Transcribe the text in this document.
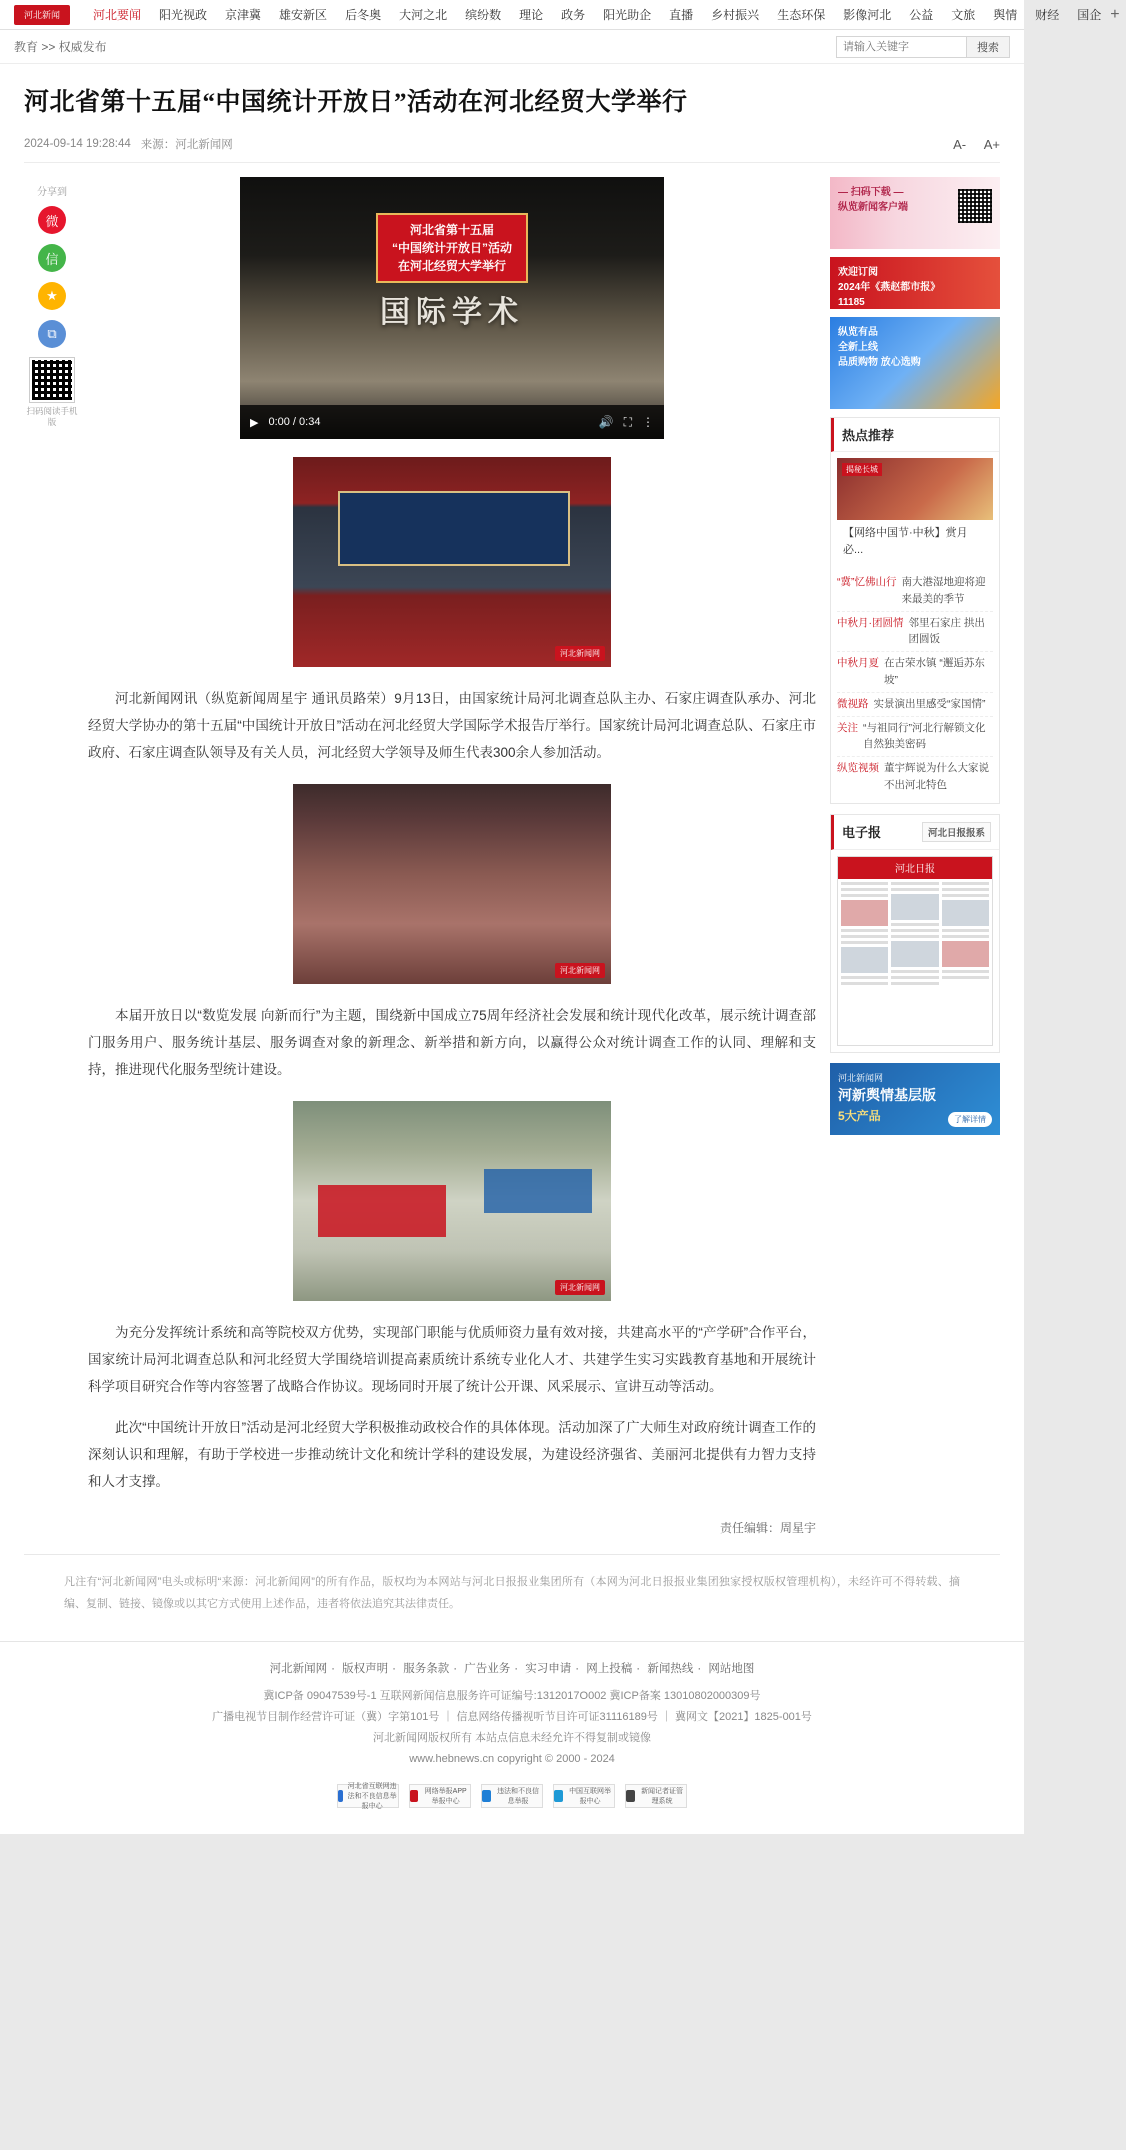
河北新闻	河北要闻	阳光视政	京津冀	雄安新区	后冬奥	大河之北	缤纷数	理论	政务	阳光助企	直播	乡村振兴	生态环保	影像河北	公益	文旅	舆情	财经	国企 +
教育 >> 权威发布
请输入关键字	搜索
河北省第十五届“中国统计开放日”活动在河北经贸大学举行
2024-09-14 19:28:44 来源：河北新闻网	A- A+
分享到
微
信
★
⧉
扫码阅读手机版
河北省第十五届
“中国统计开放日”活动
在河北经贸大学举行
国际学术
▶ 0:00 / 0:34	🔊 ⛶ ⋮
河北新闻网

河北新闻网讯（纵览新闻周星宇 通讯员路荣）9月13日，由国家统计局河北调查总队主办、石家庄调查队承办、河北经贸大学协办的第十五届“中国统计开放日”活动在河北经贸大学国际学术报告厅举行。国家统计局河北调查总队、石家庄市政府、石家庄调查队领导及有关人员，河北经贸大学领导及师生代表300余人参加活动。

河北新闻网

本届开放日以“数览发展 向新而行”为主题，围绕新中国成立75周年经济社会发展和统计现代化改革，展示统计调查部门服务用户、服务统计基层、服务调查对象的新理念、新举措和新方向，以赢得公众对统计调查工作的认同、理解和支持，推进现代化服务型统计建设。

河北新闻网

为充分发挥统计系统和高等院校双方优势，实现部门职能与优质师资力量有效对接，共建高水平的“产学研”合作平台，国家统计局河北调查总队和河北经贸大学围绕培训提高素质统计系统专业化人才、共建学生实习实践教育基地和开展统计科学项目研究合作等内容签署了战略合作协议。现场同时开展了统计公开课、风采展示、宣讲互动等活动。

此次“中国统计开放日”活动是河北经贸大学积极推动政校合作的具体体现。活动加深了广大师生对政府统计调查工作的深刻认识和理解，有助于学校进一步推动统计文化和统计学科的建设发展，为建设经济强省、美丽河北提供有力智力支持和人才支撑。

责任编辑：周星宇
— 扫码下载 —
纵览新闻客户端
欢迎订阅
2024年《燕赵都市报》
11185
纵览有品
全新上线
品质购物 放心选购
热点推荐
揭秘长城
【网络中国节·中秋】赏月必...
“冀”忆佛山行 南大港湿地迎将迎来最美的季节
中秋月·团圆情 邻里石家庄 拱出团圆饭
中秋月夏 在古荣水镇 “邂逅苏东坡”
微视路 实景演出里感受“家国情”
关注 “与祖同行”河北行解锁文化自然独美密码
纵览视频 董宇辉说为什么大家说不出河北特色
电子报	河北日报报系
河北日报
河北新闻网
河新舆情基层版
5大产品	了解详情
凡注有“河北新闻网”电头或标明“来源：河北新闻网”的所有作品，版权均为本网站与河北日报报业集团所有（本网为河北日报报业集团独家授权版权管理机构），未经许可不得转载、摘编、复制、链接、镜像或以其它方式使用上述作品，违者将依法追究其法律责任。
河北新闻网 · 版权声明 · 服务条款 · 广告业务 · 实习申请 · 网上投稿 · 新闻热线 · 网站地图
冀ICP备 09047539号-1 互联网新闻信息服务许可证编号:1312017O002 冀ICP备案 13010802000309号
广播电视节目制作经营许可证（冀）字第101号 ｜ 信息网络传播视听节目许可证31116189号 ｜ 冀网文【2021】1825-001号
河北新闻网版权所有 本站点信息未经允许不得复制或镜像
www.hebnews.cn copyright © 2000 - 2024
河北省互联网违法和不良信息举报中心
网络举报APP举报中心
违法和不良信息举报
中国互联网举报中心
新闻记者证管理系统
